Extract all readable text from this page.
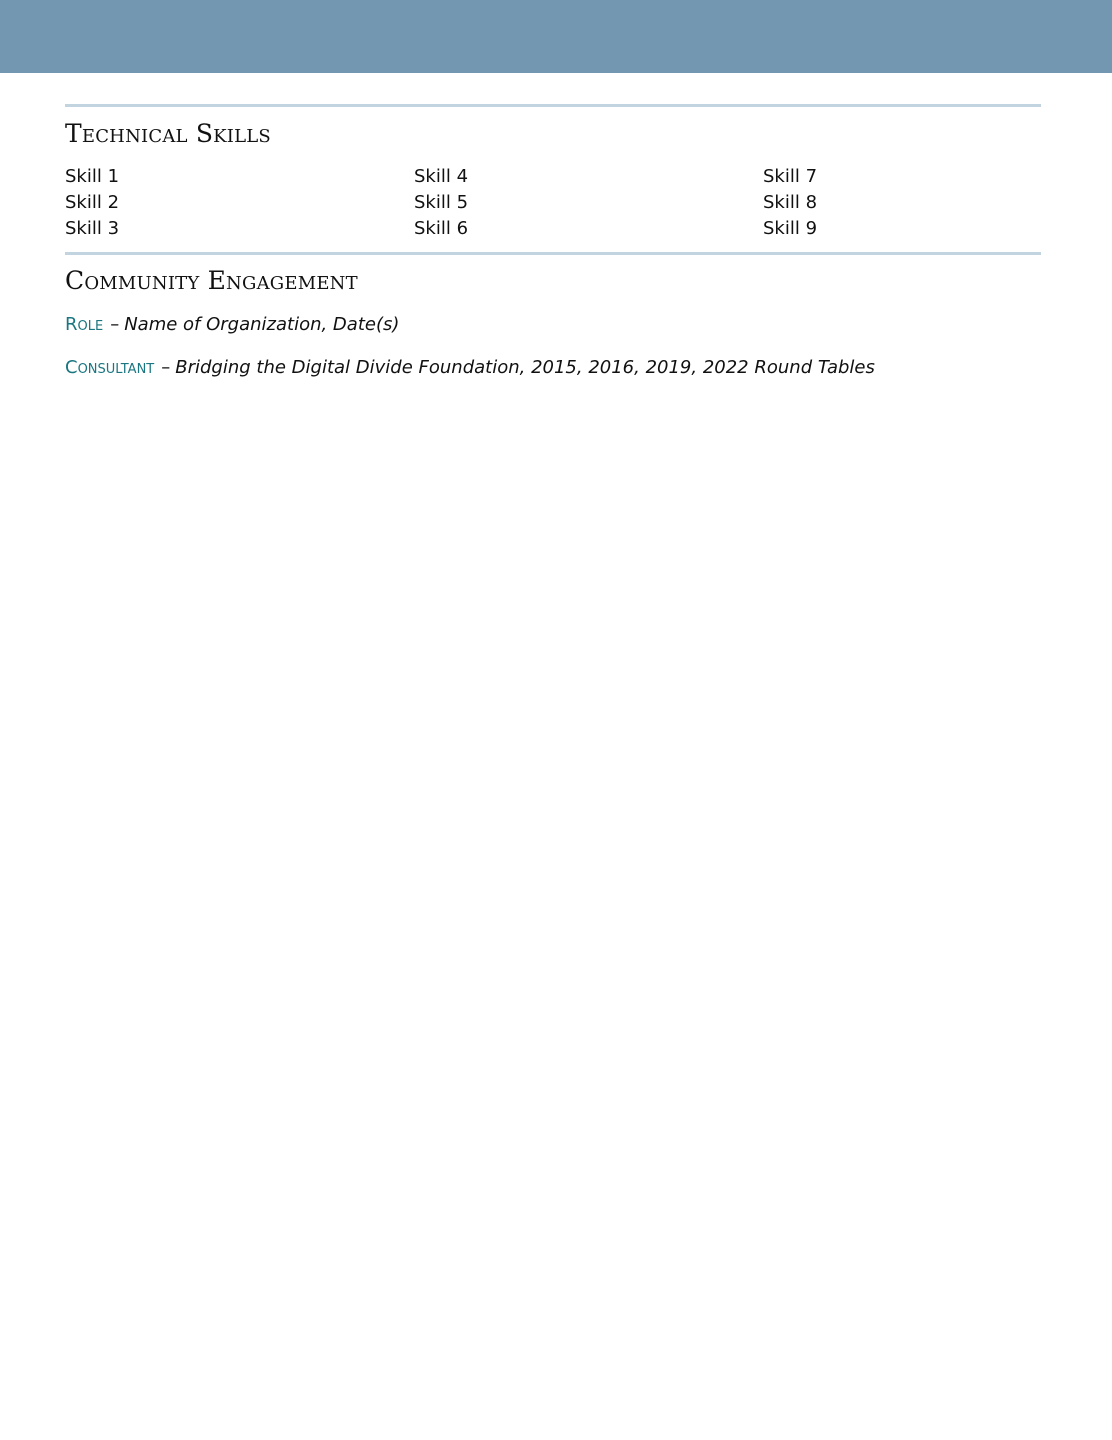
Technical Skills
Skill 1
Skill 2
Skill 3
Skill 4
Skill 5
Skill 6
Skill 7
Skill 8
Skill 9
Community Engagement
Role – Name of Organization, Date(s)
Consultant – Bridging the Digital Divide Foundation, 2015, 2016, 2019, 2022 Round Tables
